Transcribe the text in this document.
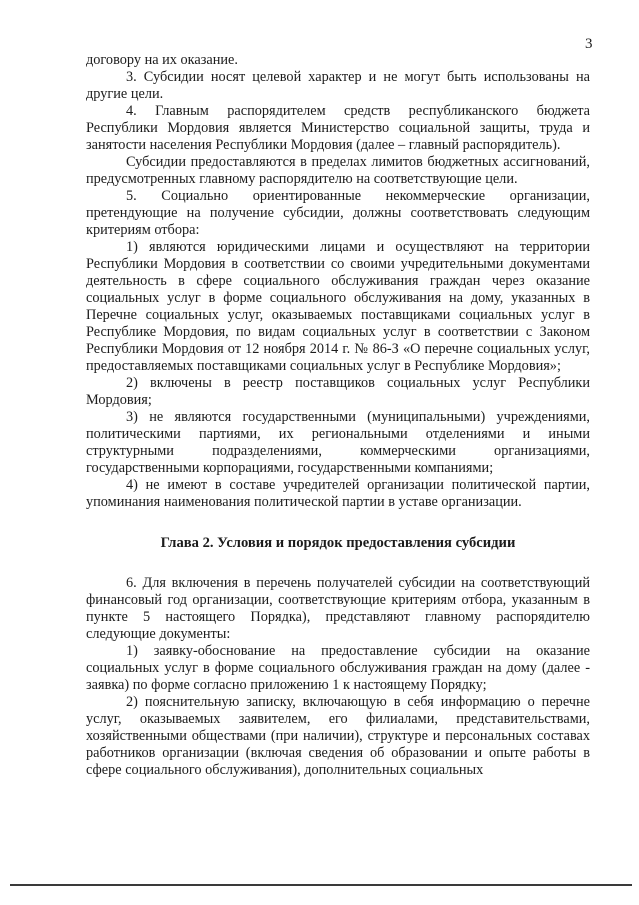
3

договору на их оказание.

3. Субсидии носят целевой характер и не могут быть использованы на другие цели.

4. Главным распорядителем средств республиканского бюджета Республики Мордовия является Министерство социальной защиты, труда и занятости населения Республики Мордовия (далее – главный распорядитель).

Субсидии предоставляются в пределах лимитов бюджетных ассигнований, предусмотренных главному распорядителю на соответствующие цели.

5. Социально ориентированные некоммерческие организации, претендующие на получение субсидии, должны соответствовать следующим критериям отбора:

1) являются юридическими лицами и осуществляют на территории Республики Мордовия в соответствии со своими учредительными документами деятельность в сфере социального обслуживания граждан через оказание социальных услуг в форме социального обслуживания на дому, указанных в Перечне социальных услуг, оказываемых поставщиками социальных услуг в Республике Мордовия, по видам социальных услуг в соответствии с Законом Республики Мордовия от 12 ноября 2014 г. № 86-З «О перечне социальных услуг, предоставляемых поставщиками социальных услуг в Республике Мордовия»;

2) включены в реестр поставщиков социальных услуг Республики Мордовия;

3) не являются государственными (муниципальными) учреждениями, политическими партиями, их региональными отделениями и иными структурными подразделениями, коммерческими организациями, государственными корпорациями, государственными компаниями;

4) не имеют в составе учредителей организации политической партии, упоминания наименования политической партии в уставе организации.

Глава 2. Условия и порядок предоставления субсидии

6. Для включения в перечень получателей субсидии на соответствующий финансовый год организации, соответствующие критериям отбора, указанным в пункте 5 настоящего Порядка), представляют главному распорядителю следующие документы:

1) заявку-обоснование на предоставление субсидии на оказание социальных услуг в форме социального обслуживания граждан на дому (далее - заявка) по форме согласно приложению 1 к настоящему Порядку;

2) пояснительную записку, включающую в себя информацию о перечне услуг, оказываемых заявителем, его филиалами, представительствами, хозяйственными обществами (при наличии), структуре и персональных составах работников организации (включая сведения об образовании и опыте работы в сфере социального обслуживания), дополнительных социальных
